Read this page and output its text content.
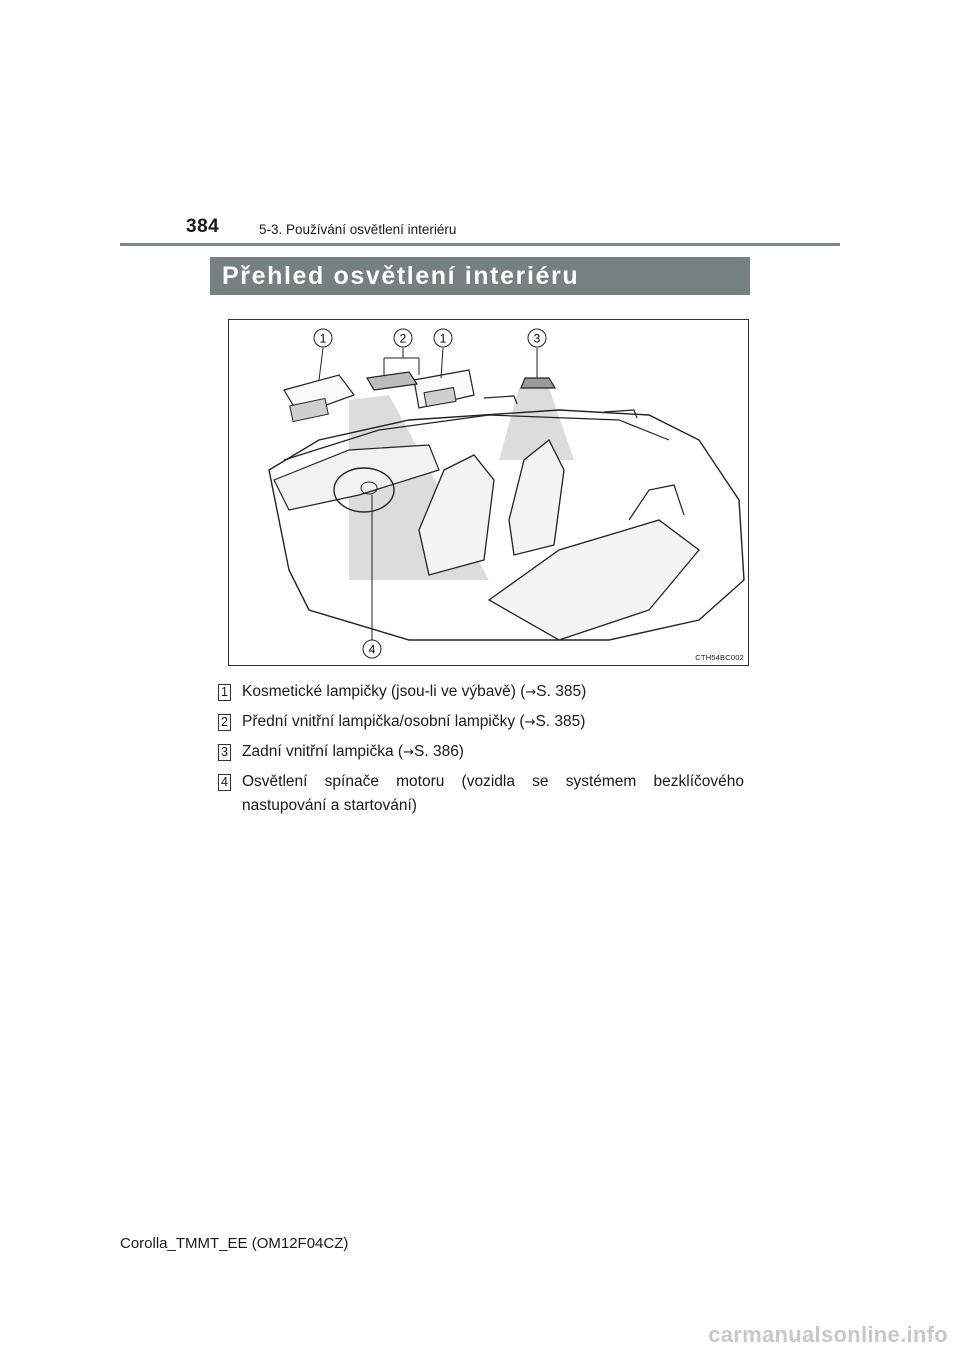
384	5-3. Používání osvětlení interiéru
Přehled osvětlení interiéru
1	2	1	3
4
CTH54BC002
1 Kosmetické lampičky (jsou-li ve výbavě) (→S. 385)
2 Přední vnitřní lampička/osobní lampičky (→S. 385)
3 Zadní vnitřní lampička (→S. 386)
4 Osvětlení spínače motoru (vozidla se systémem bezklíčového nastupování a startování)
Corolla_TMMT_EE (OM12F04CZ)
carmanualsonline.info
